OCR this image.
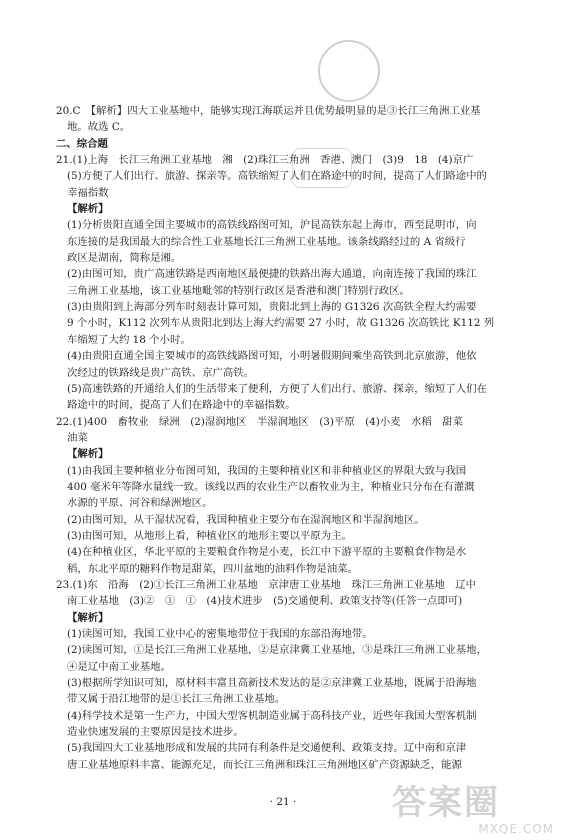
20.C　【解析】四大工业基地中，能够实现江海联运并且优势最明显的是③长江三角洲工业基
地。故选 C。
二、综合题
21.(1)上海　长江三角洲工业基地　湘　(2)珠江三角洲　香港、澳门　(3)9　18　(4)京广
(5)方便了人们出行、旅游、探亲等。高铁缩短了人们在路途中的时间，提高了人们路途中的
幸福指数
【解析】
(1)分析贵阳直通全国主要城市的高铁线路图可知，沪昆高铁东起上海市，西至昆明市，向
东连接的是我国最大的综合性工业基地长江三角洲工业基地。该条线路经过的 A 省级行
政区是湖南，简称是湘。
(2)由图可知，贵广高速铁路是西南地区最便捷的铁路出海大通道，向南连接了我国的珠江
三角洲工业基地，该工业基地毗邻的特别行政区是香港和澳门特别行政区。
(3)由贵阳到上海部分列车时刻表计算可知，贵阳北到上海的 G1326 次高铁全程大约需要
9 个小时，K112 次列车从贵阳北到达上海大约需要 27 小时，故 G1326 次高铁比 K112 列
车缩短了大约 18 个小时。
(4)由贵阳直通全国主要城市的高铁线路图可知，小明暑假期间乘坐高铁到北京旅游，他依
次经过的铁路线是贵广高铁、京广高铁。
(5)高速铁路的开通给人们的生活带来了便利，方便了人们出行、旅游、探亲，缩短了人们在
路途中的时间，提高了人们在路途中的幸福指数。
22.(1)400　畜牧业　绿洲　(2)湿润地区　半湿润地区　(3)平原　(4)小麦　水稻　甜菜
油菜
【解析】
(1)由我国主要种植业分布图可知，我国的主要种植业区和非种植业区的界限大致与我国
400 毫米年等降水量线一致。该线以西的农业生产以畜牧业为主，种植业只分布在有灌溉
水源的平原、河谷和绿洲地区。
(2)由图可知，从干湿状况看，我国种植业主要分布在湿润地区和半湿润地区。
(3)由图可知，从地形上看，种植业区的地形主要以平原为主。
(4)在种植业区，华北平原的主要粮食作物是小麦，长江中下游平原的主要粮食作物是水
稻，东北平原的糖料作物是甜菜，四川盆地的油料作物是油菜。
23.(1)东　沿海　(2)①长江三角洲工业基地　京津唐工业基地　珠江三角洲工业基地　辽中
南工业基地　(3)②　①　①　(4)技术进步　(5)交通便利、政策支持等(任答一点即可)
【解析】
(1)读图可知，我国工业中心的密集地带位于我国的东部沿海地带。
(2)读图可知，①是长江三角洲工业基地，②是京津冀工业基地，③是珠江三角洲工业基地，
④是辽中南工业基地。
(3)根据所学知识可知，原材料丰富且高新技术发达的是②京津冀工业基地，既属于沿海地
带又属于沿江地带的是①长江三角洲工业基地。
(4)科学技术是第一生产力，中国大型客机制造业属于高科技产业，近些年我国大型客机制
造业快速发展的主要原因是技术进步。
(5)我国四大工业基地形成和发展的共同有利条件是交通便利、政策支持。辽中南和京津
唐工业基地原料丰富、能源充足，而长江三角洲和珠江三角洲地区矿产资源缺乏，能源
· 21 ·	答案圈
MXQE.COM
